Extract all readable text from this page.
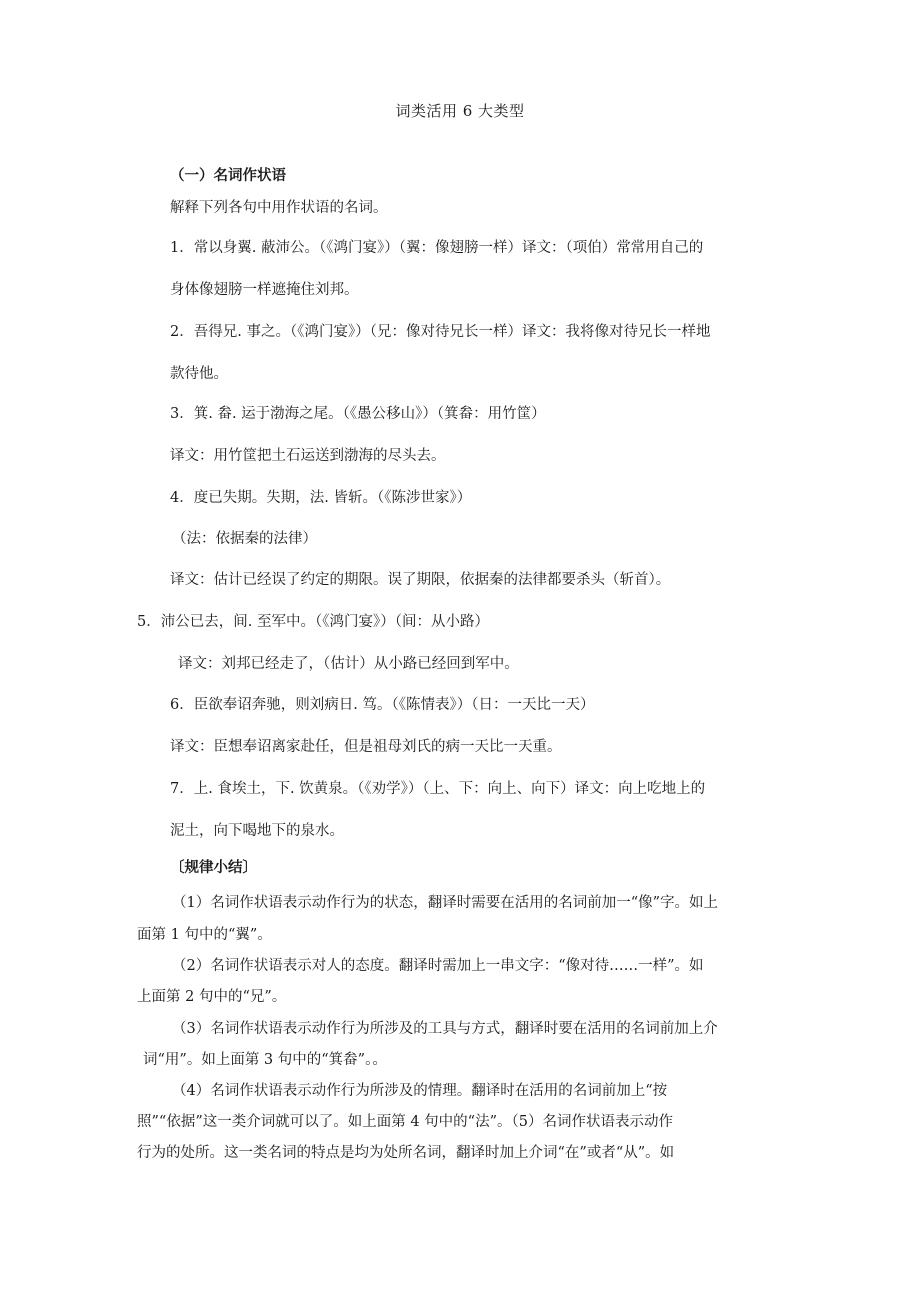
词类活用 6 大类型
（一）名词作状语
解释下列各句中用作状语的名词。
1．常以身翼. 蔽沛公。（《鸿门宴》）（翼：像翅膀一样）译文：（项伯）常常用自己的
身体像翅膀一样遮掩住刘邦。
2．吾得兄. 事之。（《鸿门宴》）（兄：像对待兄长一样）译文：我将像对待兄长一样地
款待他。
3．箕. 畚. 运于渤海之尾。（《愚公移山》）（箕畚：用竹筐）
译文：用竹筐把土石运送到渤海的尽头去。
4．度已失期。失期，法. 皆斩。（《陈涉世家》）
（法：依据秦的法律）
译文：估计已经误了约定的期限。误了期限，依据秦的法律都要杀头（斩首）。
5．沛公已去，间. 至军中。（《鸿门宴》）（间：从小路）
译文：刘邦已经走了，（估计）从小路已经回到军中。
6．臣欲奉诏奔驰，则刘病日. 笃。（《陈情表》）（日：一天比一天）
译文：臣想奉诏离家赴任，但是祖母刘氏的病一天比一天重。
7．上. 食埃土，下. 饮黄泉。（《劝学》）（上、下：向上、向下）译文：向上吃地上的
泥土，向下喝地下的泉水。
〔规律小结〕
（1）名词作状语表示动作行为的状态，翻译时需要在活用的名词前加一“像”字。如上
面第 1 句中的“翼”。
（2）名词作状语表示对人的态度。翻译时需加上一串文字：“像对待……一样”。如
上面第 2 句中的“兄”。
（3）名词作状语表示动作行为所涉及的工具与方式，翻译时要在活用的名词前加上介
词“用”。如上面第 3 句中的“箕畚”。。
（4）名词作状语表示动作行为所涉及的情理。翻译时在活用的名词前加上“按
照”“依据”这一类介词就可以了。如上面第 4 句中的“法”。（5）名词作状语表示动作
行为的处所。这一类名词的特点是均为处所名词，翻译时加上介词“在”或者“从”。如
